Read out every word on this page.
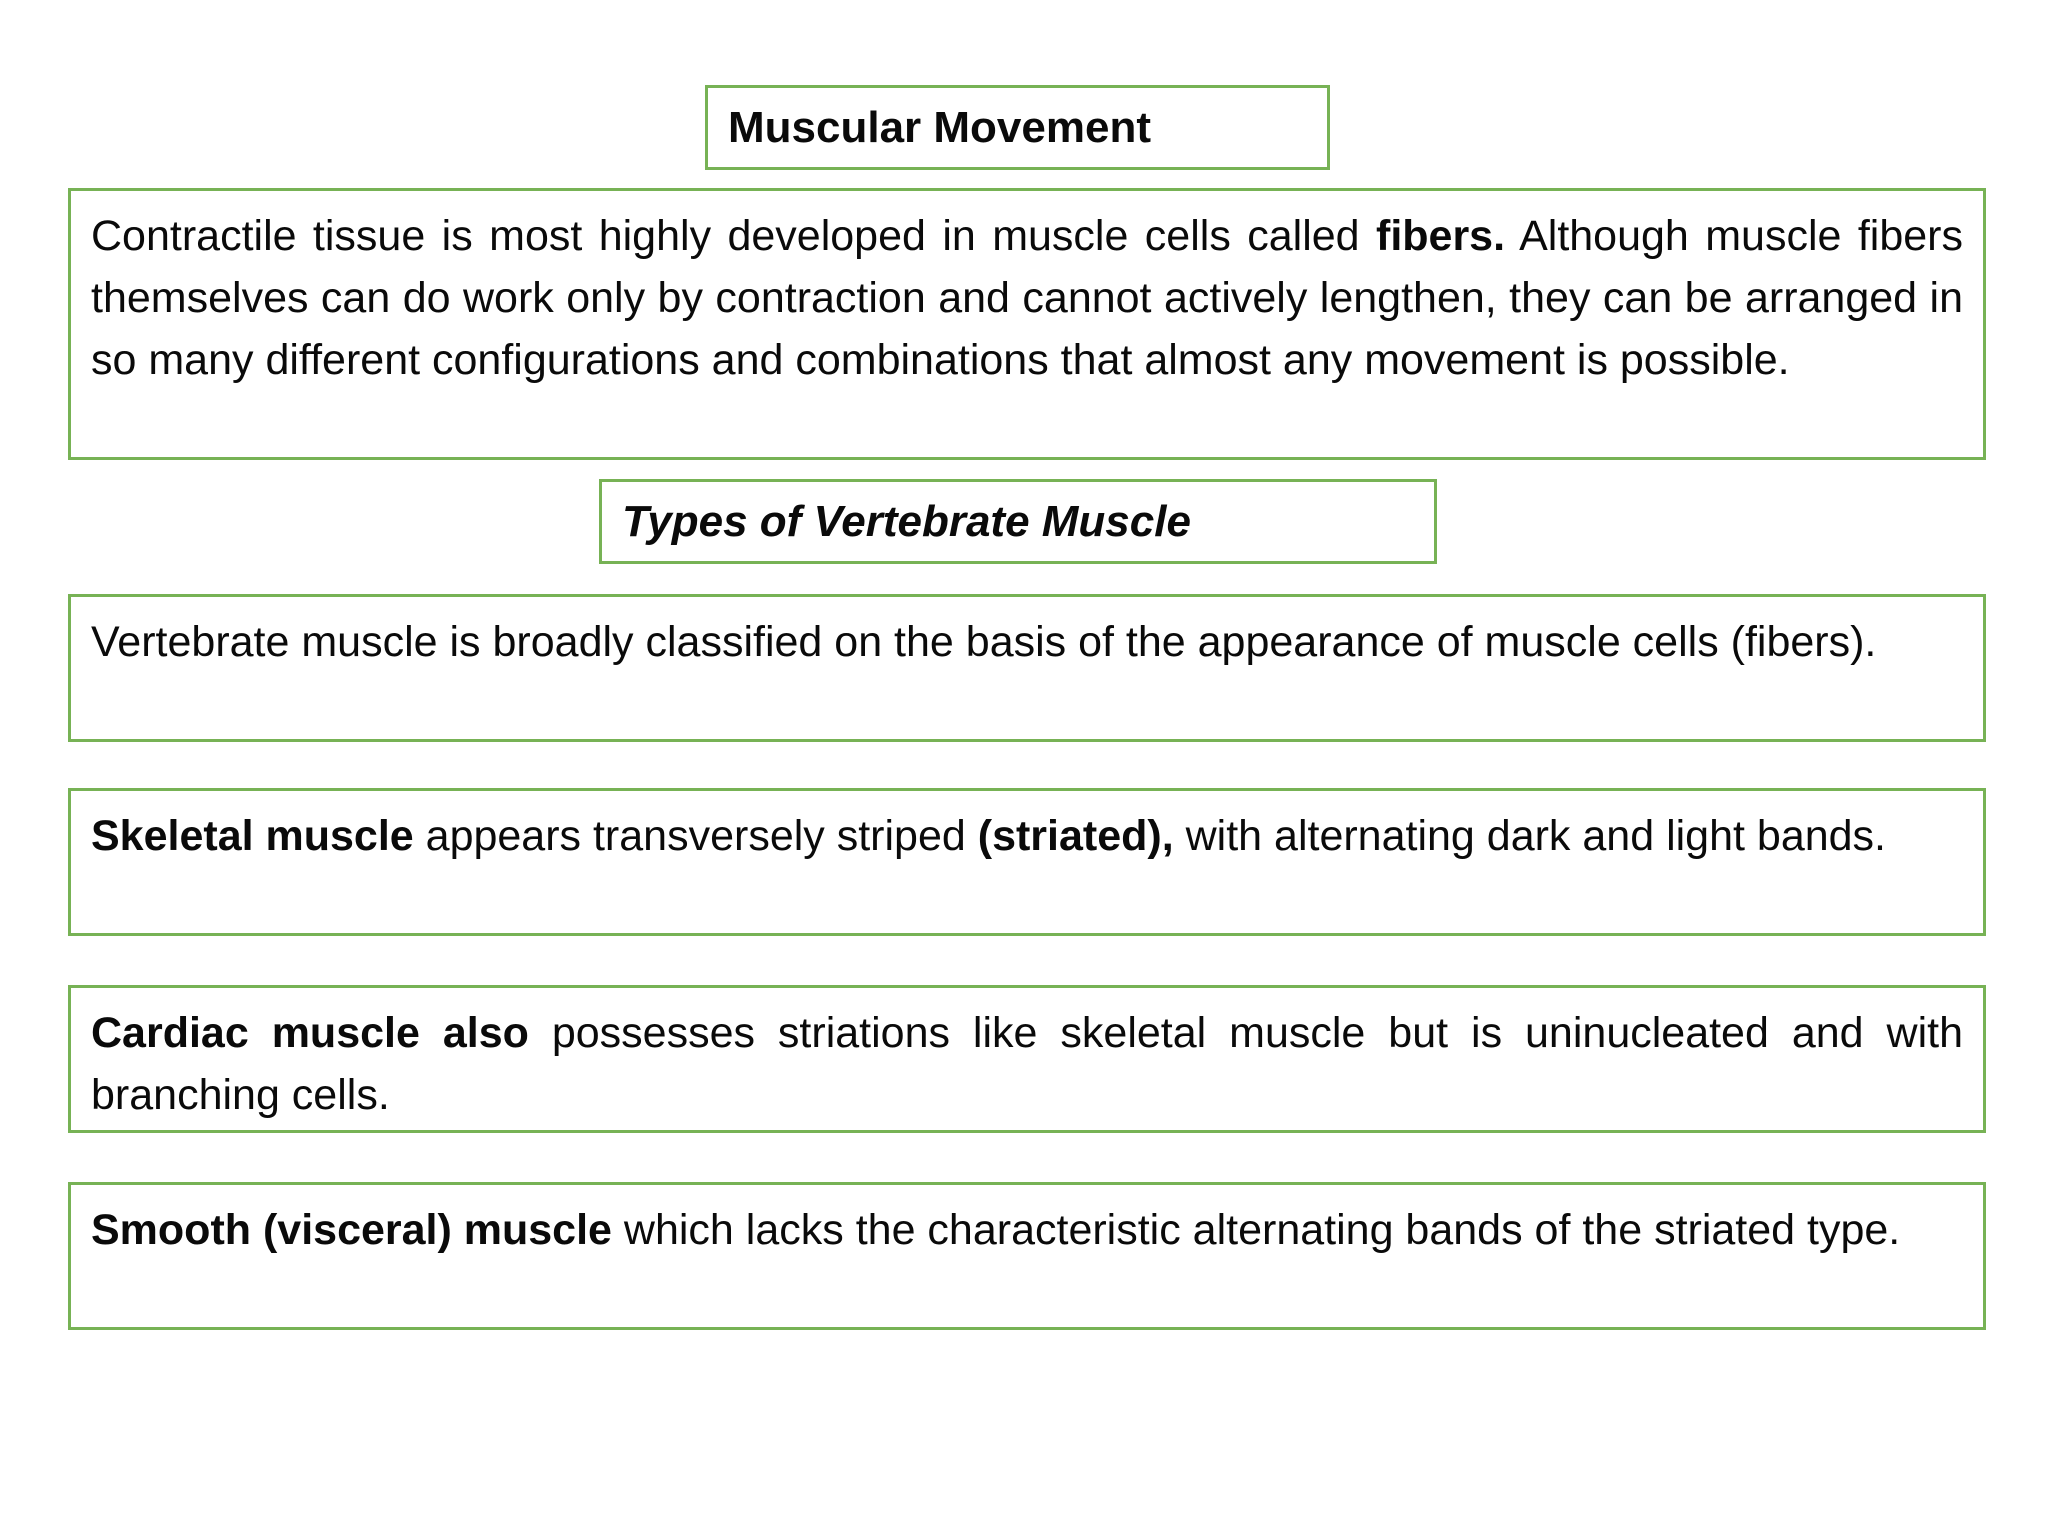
Muscular Movement

Contractile tissue is most highly developed in muscle cells called fibers. Although muscle fibers themselves can do work only by contraction and cannot actively lengthen, they can be arranged in so many different configurations and combinations that almost any movement is possible.

Types of Vertebrate Muscle

Vertebrate muscle is broadly classified on the basis of the appearance of muscle cells (fibers).

Skeletal muscle appears transversely striped (striated), with alternating dark and light bands.

Cardiac muscle also possesses striations like skeletal muscle but is uninucleated and with branching cells.

Smooth (visceral) muscle which lacks the characteristic alternating bands of the striated type.
